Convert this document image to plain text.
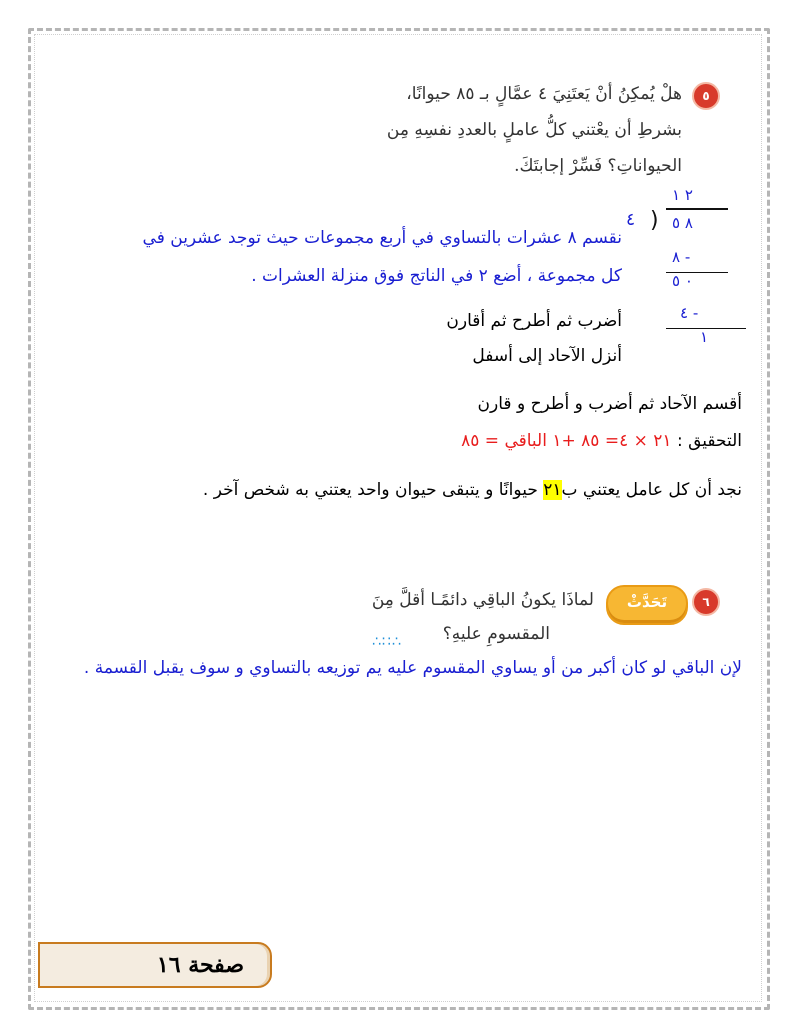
٥
هلْ يُمكِنُ أنْ يَعتَنِيَ ٤ عمَّالٍ بـ ٨٥ حيوانًا،
بشرطِ أن يعْتني كلُّ عاملٍ بالعددِ نفسِهِ مِن
الحيواناتِ؟ فَسِّرْ إجابتَكَ.
٢ ١
٤ ) ٨ ٥
٨ -
٠ ٥
٤ -
١
نقسم ٨ عشرات بالتساوي في أربع مجموعات حيث توجد عشرين في
كل مجموعة ، أضع ٢ في الناتج فوق منزلة العشرات .
أضرب ثم أطرح ثم أقارن
أنزل الآحاد إلى أسفل
أقسم الآحاد ثم أضرب و أطرح و قارن
التحقيق : ٢١ × ٤= ٨٥ +١ الباقي = ٨٥
نجد أن كل عامل يعتني ب٢١ حيوانًا و يتبقى حيوان واحد يعتني به شخص آخر .
٦
تَحَدَّثْ
لماذَا يكونُ الباقِي دائمًـا أقلَّ مِنَ
المقسومِ عليهِ؟
∴∷∴
لإن الباقي لو كان أكبر من أو يساوي المقسوم عليه يم توزيعه بالتساوي و سوف يقبل القسمة .
صفحة ١٦
